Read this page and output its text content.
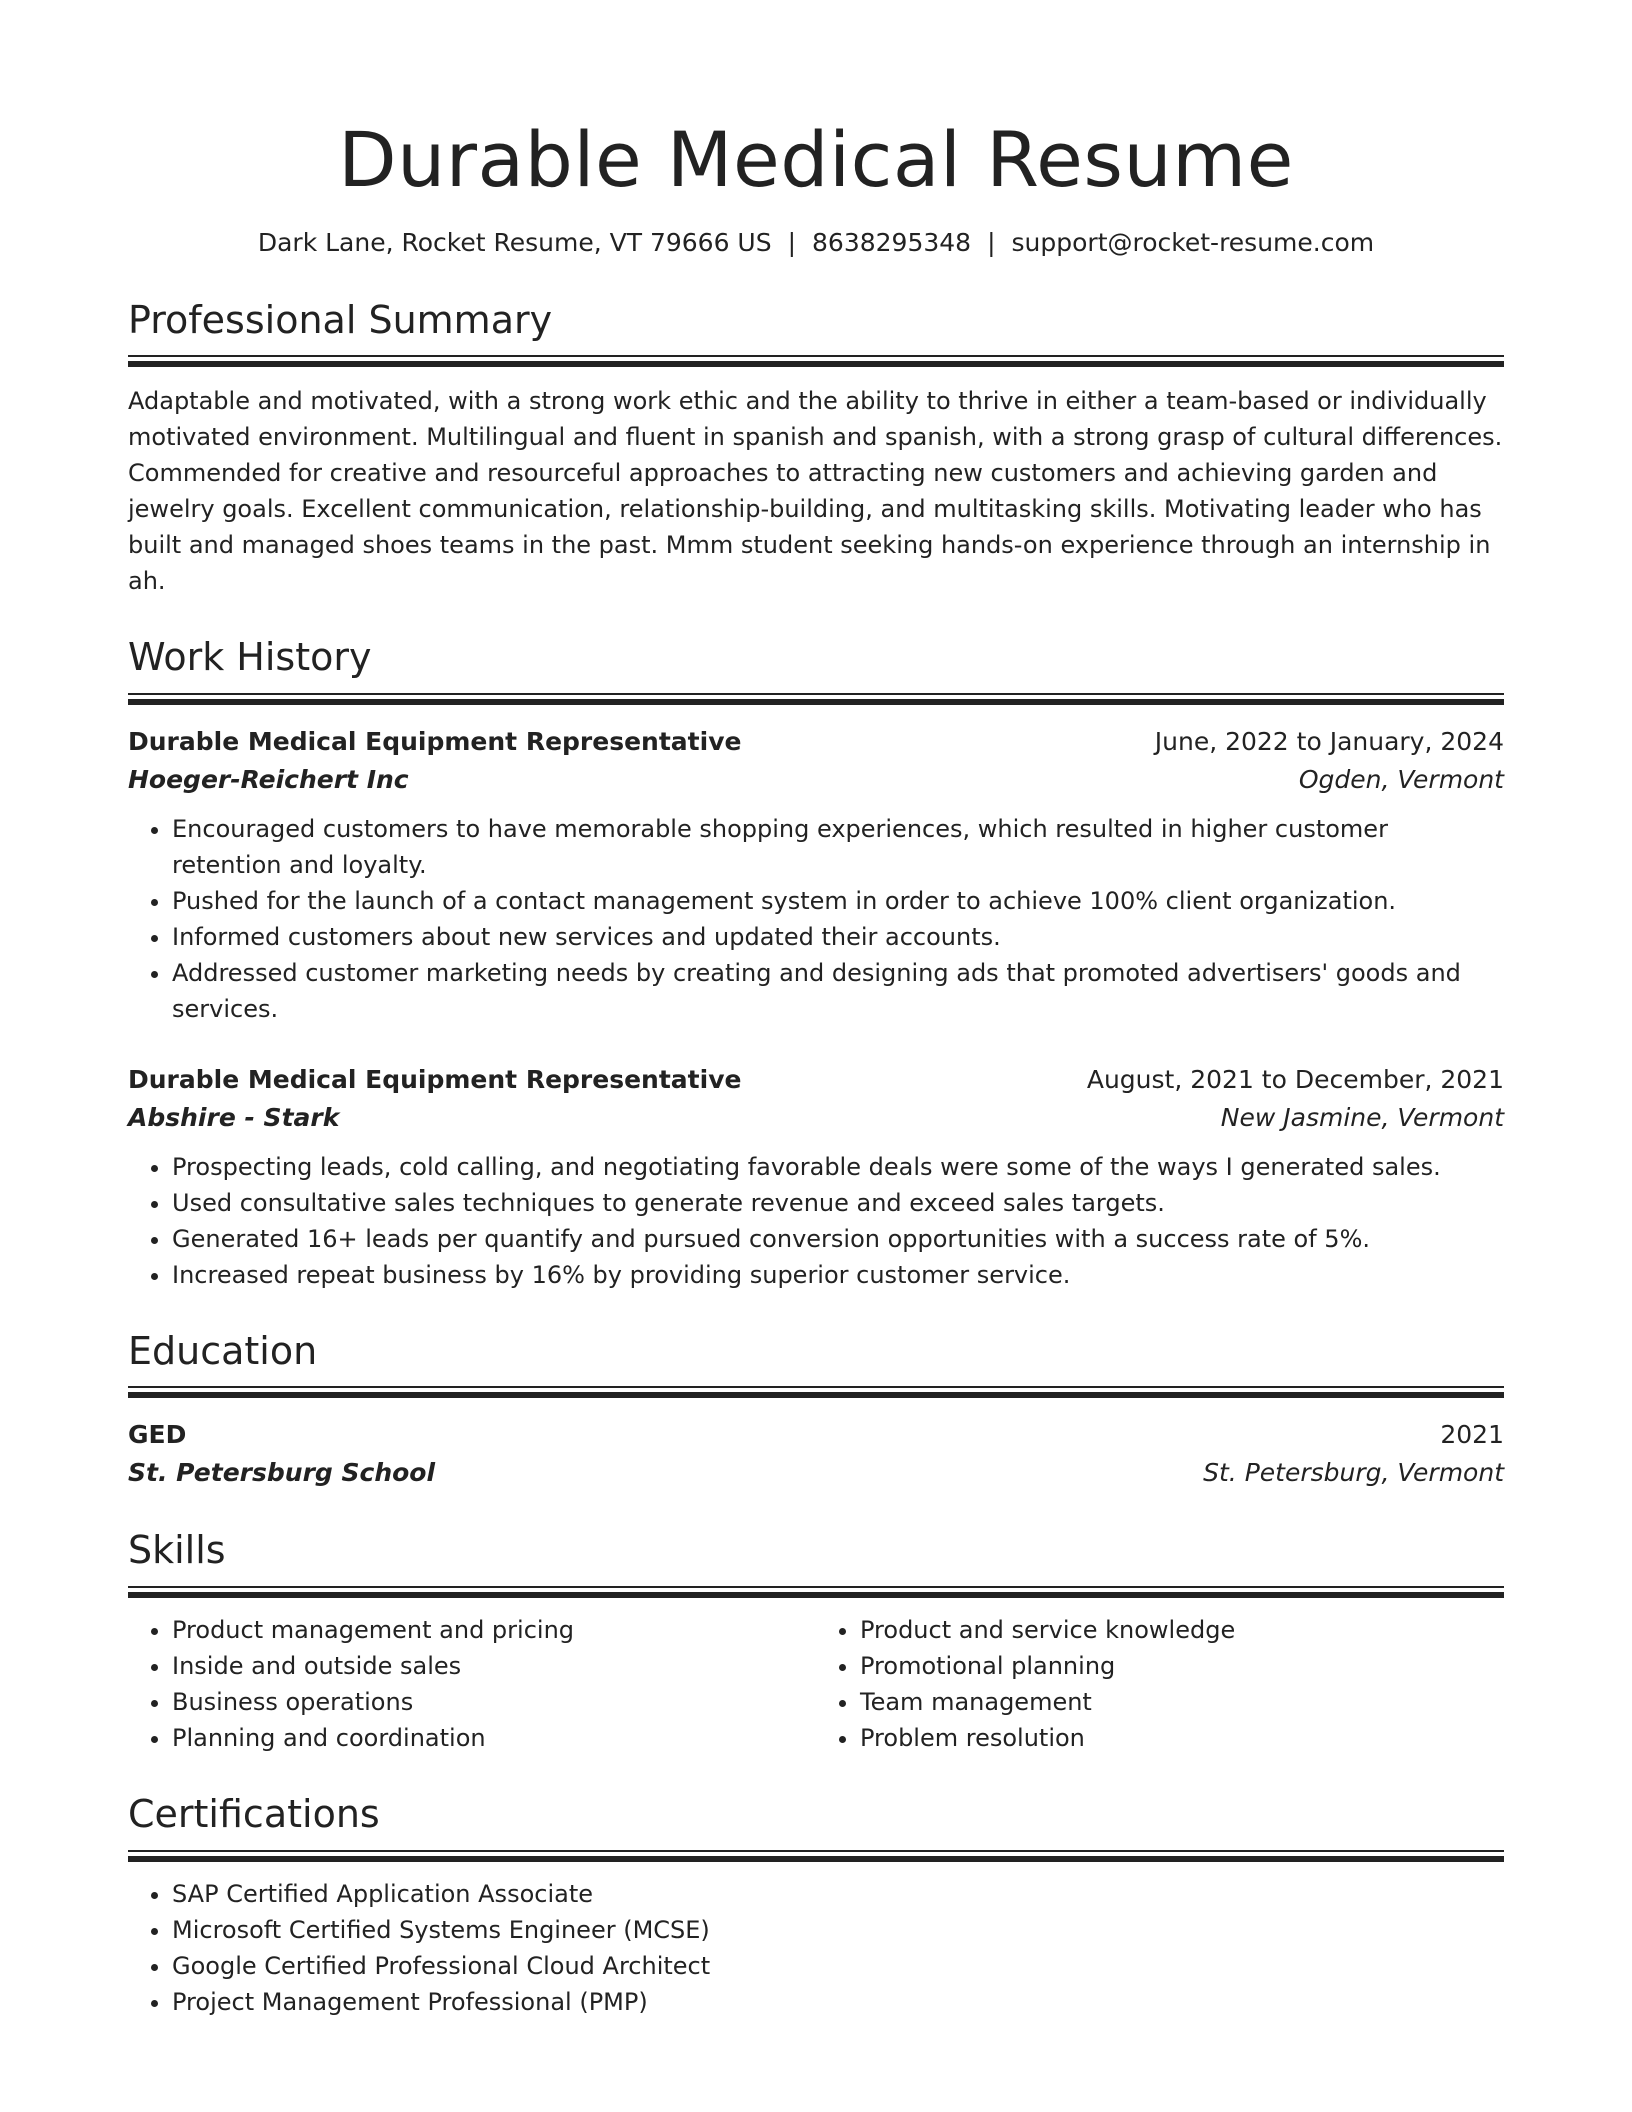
Durable Medical Resume
Dark Lane, Rocket Resume, VT 79666 US | 8638295348 | support@rocket-resume.com
Professional Summary

Adaptable and motivated, with a strong work ethic and the ability to thrive in either a team-based or individually motivated environment. Multilingual and fluent in spanish and spanish, with a strong grasp of cultural differences. Commended for creative and resourceful approaches to attracting new customers and achieving garden and jewelry goals. Excellent communication, relationship-building, and multitasking skills. Motivating leader who has built and managed shoes teams in the past. Mmm student seeking hands-on experience through an internship in ah.

Work History
Durable Medical Equipment Representative	June, 2022 to January, 2024
Hoeger-Reichert Inc	Ogden, Vermont
• Encouraged customers to have memorable shopping experiences, which resulted in higher customer retention and loyalty.
• Pushed for the launch of a contact management system in order to achieve 100% client organization.
• Informed customers about new services and updated their accounts.
• Addressed customer marketing needs by creating and designing ads that promoted advertisers' goods and services.
Durable Medical Equipment Representative	August, 2021 to December, 2021
Abshire - Stark	New Jasmine, Vermont
• Prospecting leads, cold calling, and negotiating favorable deals were some of the ways I generated sales.
• Used consultative sales techniques to generate revenue and exceed sales targets.
• Generated 16+ leads per quantify and pursued conversion opportunities with a success rate of 5%.
• Increased repeat business by 16% by providing superior customer service.
Education
GED	2021
St. Petersburg School	St. Petersburg, Vermont
Skills
• Product management and pricing
• Inside and outside sales
• Business operations
• Planning and coordination
• Product and service knowledge
• Promotional planning
• Team management
• Problem resolution
Certifications
• SAP Certified Application Associate
• Microsoft Certified Systems Engineer (MCSE)
• Google Certified Professional Cloud Architect
• Project Management Professional (PMP)
